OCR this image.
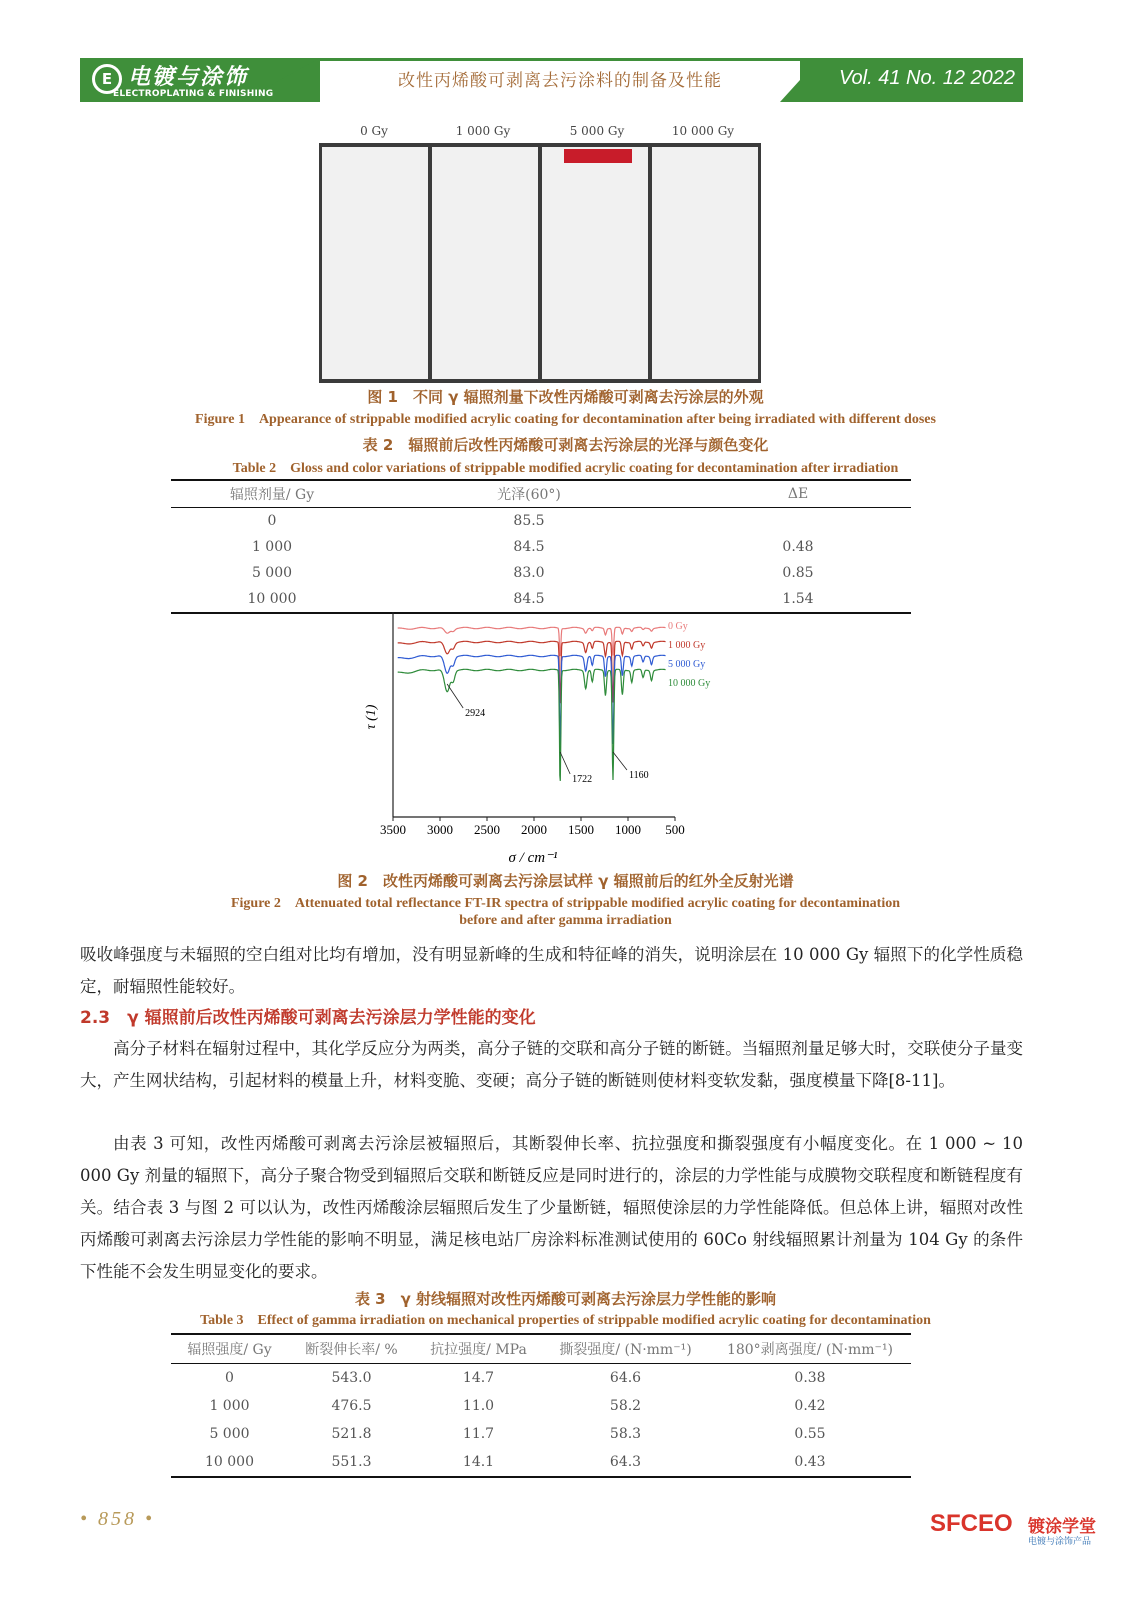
E 电镀与涂饰
ELECTROPLATING & FINISHING
改性丙烯酸可剥离去污涂料的制备及性能	Vol. 41 No. 12 2022
0 Gy	1 000 Gy	5 000 Gy	10 000 Gy
图 1　不同 γ 辐照剂量下改性丙烯酸可剥离去污涂层的外观
Figure 1　Appearance of strippable modified acrylic coating for decontamination after being irradiated with different doses
表 2　辐照前后改性丙烯酸可剥离去污涂层的光泽与颜色变化
Table 2　Gloss and color variations of strippable modified acrylic coating for decontamination after irradiation
辐照剂量/ Gy	光泽(60°)	ΔE
0	85.5	
1 000	84.5	0.48
5 000	83.0	0.85
10 000	84.5	1.54
τ (1)
σ / cm⁻¹
3500 3000 2500 2000 1500 1000 500
0 Gy
1 000 Gy
5 000 Gy
10 000 Gy
2924
1722	1160
图 2　改性丙烯酸可剥离去污涂层试样 γ 辐照前后的红外全反射光谱
Figure 2　Attenuated total reflectance FT-IR spectra of strippable modified acrylic coating for decontamination
before and after gamma irradiation
吸收峰强度与未辐照的空白组对比均有增加，没有明显新峰的生成和特征峰的消失，说明涂层在 10 000 Gy 辐照下的化学性质稳定，耐辐照性能较好。
2.3　γ 辐照前后改性丙烯酸可剥离去污涂层力学性能的变化
高分子材料在辐射过程中，其化学反应分为两类，高分子链的交联和高分子链的断链。当辐照剂量足够大时，交联使分子量变大，产生网状结构，引起材料的模量上升，材料变脆、变硬；高分子链的断链则使材料变软发黏，强度模量下降[8-11]。
由表 3 可知，改性丙烯酸可剥离去污涂层被辐照后，其断裂伸长率、抗拉强度和撕裂强度有小幅度变化。在 1 000 ~ 10 000 Gy 剂量的辐照下，高分子聚合物受到辐照后交联和断链反应是同时进行的，涂层的力学性能与成膜物交联程度和断链程度有关。结合表 3 与图 2 可以认为，改性丙烯酸涂层辐照后发生了少量断链，辐照使涂层的力学性能降低。但总体上讲，辐照对改性丙烯酸可剥离去污涂层力学性能的影响不明显，满足核电站厂房涂料标准测试使用的 60Co 射线辐照累计剂量为 104 Gy 的条件下性能不会发生明显变化的要求。
表 3　γ 射线辐照对改性丙烯酸可剥离去污涂层力学性能的影响
Table 3　Effect of gamma irradiation on mechanical properties of strippable modified acrylic coating for decontamination
辐照强度/ Gy	断裂伸长率/ %	抗拉强度/ MPa	撕裂强度/ (N·mm⁻¹)	180°剥离强度/ (N·mm⁻¹)
0	543.0	14.7	64.6	0.38
1 000	476.5	11.0	58.2	0.42
5 000	521.8	11.7	58.3	0.55
10 000	551.3	14.1	64.3	0.43
• 858 •	SFCEO 镀涂学堂
电镀与涂饰产品
